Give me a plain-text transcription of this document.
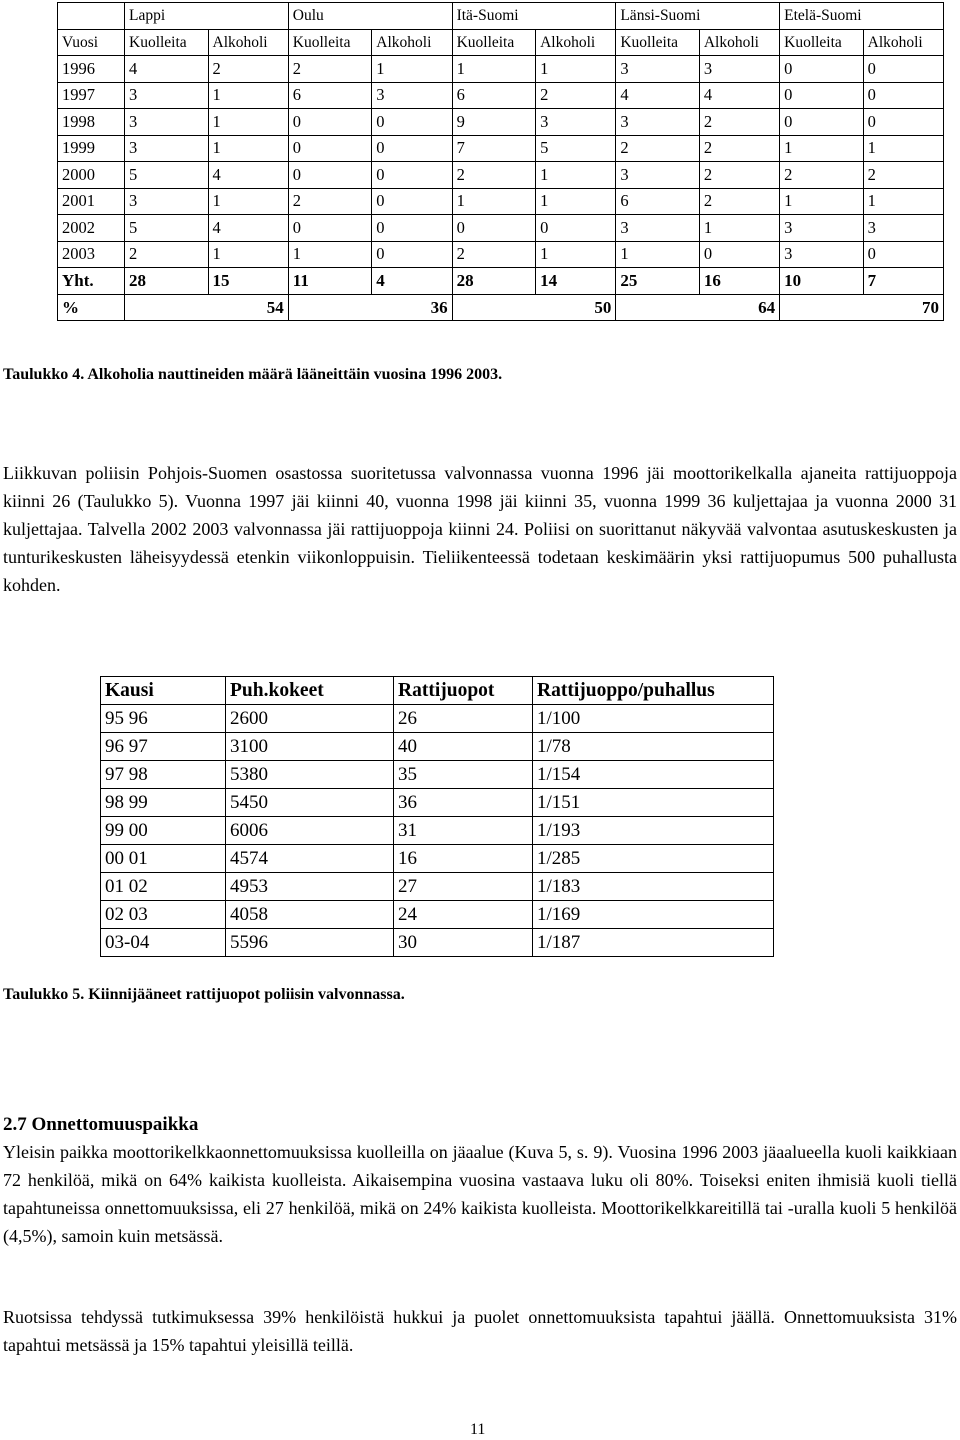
	Lappi		Oulu		Itä-Suomi		Länsi-Suomi		Etelä-Suomi	
Vuosi	Kuolleita	Alkoholi	Kuolleita	Alkoholi	Kuolleita	Alkoholi	Kuolleita	Alkoholi	Kuolleita	Alkoholi
1996	4	2	2	1	1	1	3	3	0	0
1997	3	1	6	3	6	2	4	4	0	0
1998	3	1	0	0	9	3	3	2	0	0
1999	3	1	0	0	7	5	2	2	1	1
2000	5	4	0	0	2	1	3	2	2	2
2001	3	1	2	0	1	1	6	2	1	1
2002	5	4	0	0	0	0	3	1	3	3
2003	2	1	1	0	2	1	1	0	3	0
Yht.	28	15	11	4	28	14	25	16	10	7
%	54		36		50		64		70	
Taulukko 4. Alkoholia nauttineiden määrä lääneittäin vuosina 1996 2003.

Liikkuvan poliisin Pohjois-Suomen osastossa suoritetussa valvonnassa vuonna 1996 jäi moottorikelkalla ajaneita rattijuoppoja kiinni 26 (Taulukko 5). Vuonna 1997 jäi kiinni 40, vuonna 1998 jäi kiinni 35, vuonna 1999 36 kuljettajaa ja vuonna 2000 31 kuljettajaa. Talvella 2002 2003 valvonnassa jäi rattijuoppoja kiinni 24. Poliisi on suorittanut näkyvää valvontaa asutuskeskusten ja tunturikeskusten läheisyydessä etenkin viikonloppuisin. Tieliikenteessä todetaan keskimäärin yksi rattijuopumus 500 puhallusta kohden.

Kausi	Puh.kokeet	Rattijuopot	Rattijuoppo/puhallus
95 96	2600	26	1/100
96 97	3100	40	1/78
97 98	5380	35	1/154
98 99	5450	36	1/151
99 00	6006	31	1/193
00 01	4574	16	1/285
01 02	4953	27	1/183
02 03	4058	24	1/169
03-04	5596	30	1/187
Taulukko 5. Kiinnijääneet rattijuopot poliisin valvonnassa.
2.7 Onnettomuuspaikka

Yleisin paikka moottorikelkkaonnettomuuksissa kuolleilla on jäaalue (Kuva 5, s. 9). Vuosina 1996 2003 jäaalueella kuoli kaikkiaan 72 henkilöä, mikä on 64% kaikista kuolleista. Aikaisempina vuosina vastaava luku oli 80%. Toiseksi eniten ihmisiä kuoli tiellä tapahtuneissa onnettomuuksissa, eli 27 henkilöä, mikä on 24% kaikista kuolleista. Moottorikelkkareitillä tai -uralla kuoli 5 henkilöä (4,5%), samoin kuin metsässä.

Ruotsissa tehdyssä tutkimuksessa 39% henkilöistä hukkui ja puolet onnettomuuksista tapahtui jäällä. Onnettomuuksista 31% tapahtui metsässä ja 15% tapahtui yleisillä teillä.

11
